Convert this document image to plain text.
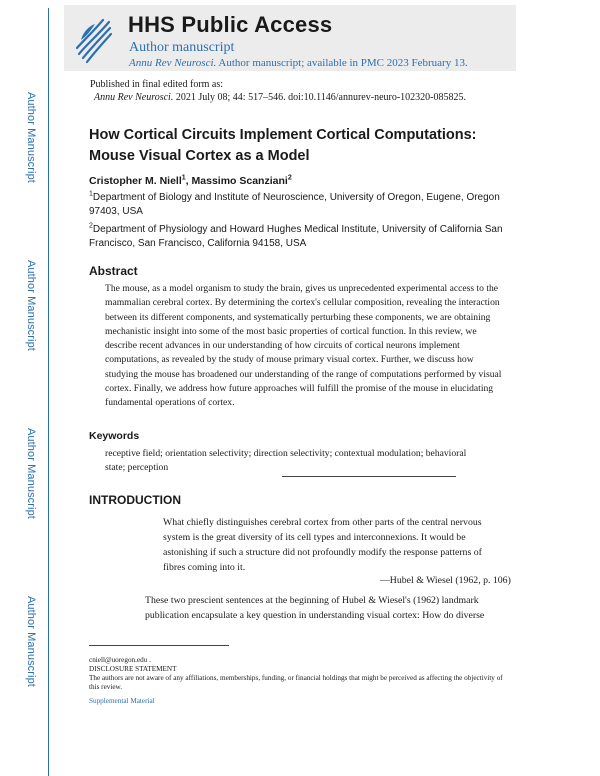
Author Manuscript
Author Manuscript
Author Manuscript
Author Manuscript
HHS Public Access
Author manuscript
Annu Rev Neurosci. Author manuscript; available in PMC 2023 February 13.
Published in final edited form as:
Annu Rev Neurosci. 2021 July 08; 44: 517–546. doi:10.1146/annurev-neuro-102320-085825.
How Cortical Circuits Implement Cortical Computations: Mouse Visual Cortex as a Model
Cristopher M. Niell$^1$, Massimo Scanziani$^2$
$^1$Department of Biology and Institute of Neuroscience, University of Oregon, Eugene, Oregon 97403, USA
$^2$Department of Physiology and Howard Hughes Medical Institute, University of California San Francisco, San Francisco, California 94158, USA
Abstract
The mouse, as a model organism to study the brain, gives us unprecedented experimental access to the mammalian cerebral cortex. By determining the cortex's cellular composition, revealing the interaction between its different components, and systematically perturbing these components, we are obtaining mechanistic insight into some of the most basic properties of cortical function. In this review, we describe recent advances in our understanding of how circuits of cortical neurons implement computations, as revealed by the study of mouse primary visual cortex. Further, we discuss how studying the mouse has broadened our understanding of the range of computations performed by visual cortex. Finally, we address how future approaches will fulfill the promise of the mouse in elucidating fundamental operations of cortex.
Keywords
receptive field; orientation selectivity; direction selectivity; contextual modulation; behavioral state; perception
INTRODUCTION
What chiefly distinguishes cerebral cortex from other parts of the central nervous system is the great diversity of its cell types and interconnexions. It would be astonishing if such a structure did not profoundly modify the response patterns of fibres coming into it.
—Hubel & Wiesel (1962, p. 106)
These two prescient sentences at the beginning of Hubel & Wiesel's (1962) landmark publication encapsulate a key question in understanding visual cortex: How do diverse
cniell@uoregon.edu .
DISCLOSURE STATEMENT
The authors are not aware of any affiliations, memberships, funding, or financial holdings that might be perceived as affecting the objectivity of this review.
Supplemental Material
